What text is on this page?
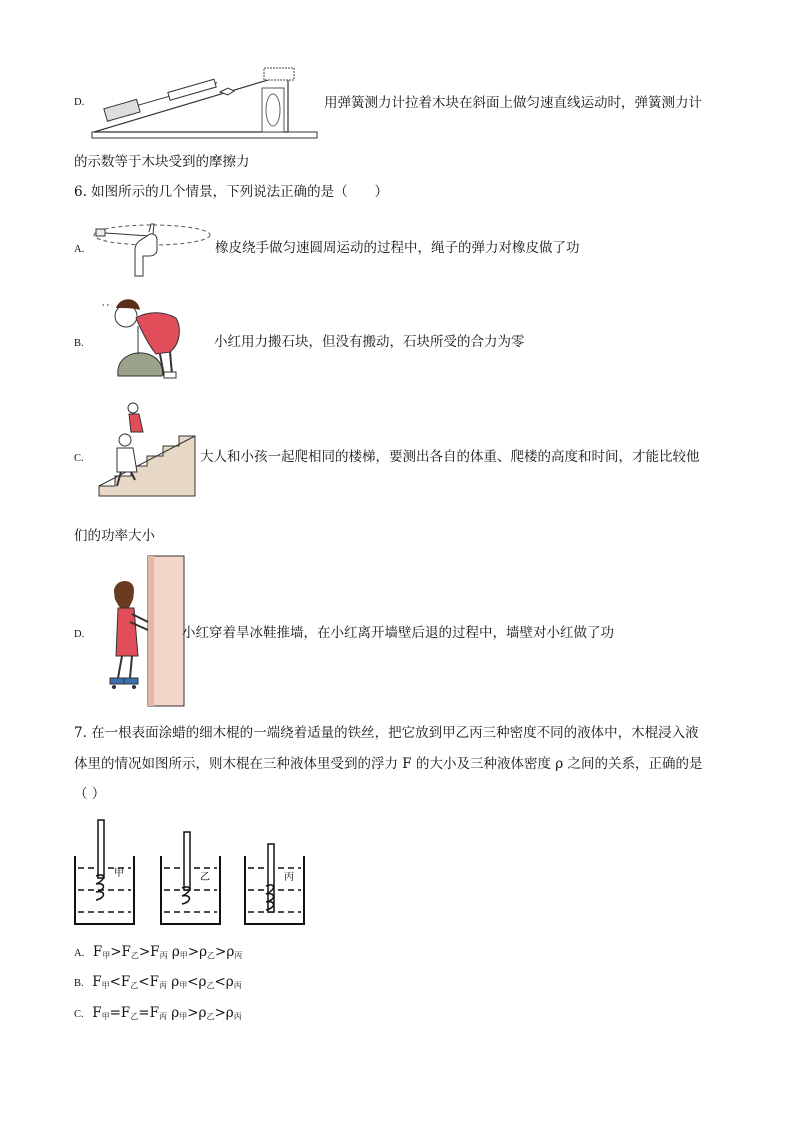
D.	用弹簧测力计拉着木块在斜面上做匀速直线运动时，弹簧测力计
的示数等于木块受到的摩擦力
6. 如图所示的几个情景，下列说法正确的是（　　）
A.	橡皮绕手做匀速圆周运动的过程中，绳子的弹力对橡皮做了功
B.
' '
小红用力搬石块，但没有搬动，石块所受的合力为零
C.	大人和小孩一起爬相同的楼梯，要测出各自的体重、爬楼的高度和时间，才能比较他
们的功率大小
D.	小红穿着旱冰鞋推墙，在小红离开墙壁后退的过程中，墙壁对小红做了功
7. 在一根表面涂蜡的细木棍的一端绕着适量的铁丝，把它放到甲乙丙三种密度不同的液体中，木棍浸入液
体里的情况如图所示，则木棍在三种液体里受到的浮力 F 的大小及三种液体密度 ρ 之间的关系，正确的是
（ ）
甲	乙	丙
A. $F_甲>F_乙>F_丙$ $\rho_甲>\rho_乙>\rho_丙$
B. $F_甲<F_乙<F_丙$ $\rho_甲<\rho_乙<\rho_丙$
C. $F_甲=F_乙=F_丙$ $\rho_甲>\rho_乙>\rho_丙$
